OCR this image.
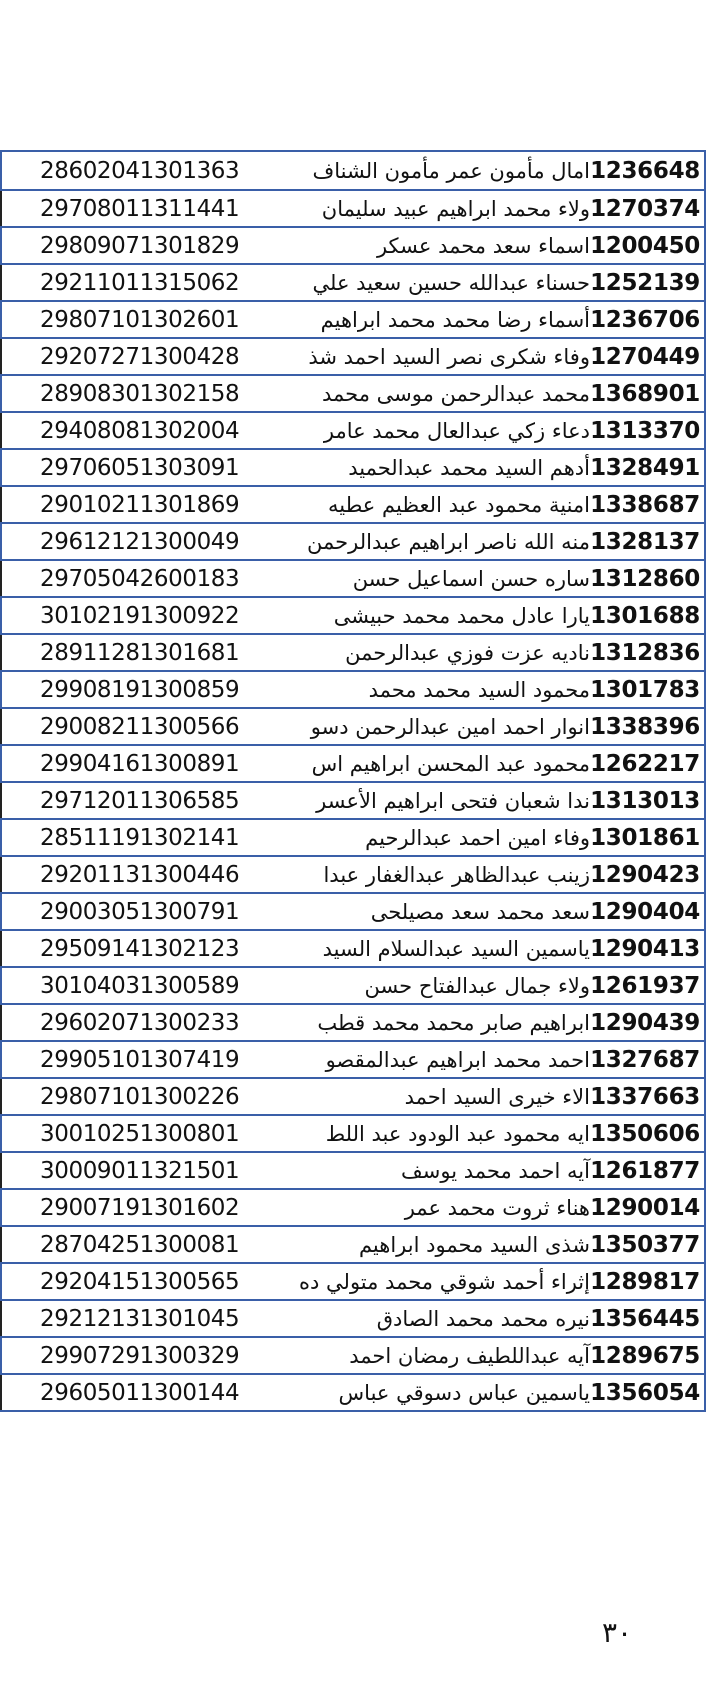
28602041301363	امال مأمون عمر مأمون الشناف 1236648
29708011311441	ولاء محمد ابراهيم عبيد سليمان 1270374
29809071301829	اسماء سعد محمد عسكر 1200450
29211011315062	حسناء عبدالله حسين سعيد علي 1252139
29807101302601	أسماء رضا محمد محمد ابراهيم 1236706
29207271300428	وفاء شكرى نصر السيد احمد شذ 1270449
28908301302158	محمد عبدالرحمن موسى محمد 1368901
29408081302004	دعاء زكي عبدالعال محمد عامر 1313370
29706051303091	أدهم السيد محمد عبدالحميد 1328491
29010211301869	امنية محمود عبد العظيم عطيه 1338687
29612121300049	منه الله ناصر ابراهيم عبدالرحمن 1328137
29705042600183	ساره حسن اسماعيل حسن 1312860
30102191300922	يارا عادل محمد محمد حبيشى 1301688
28911281301681	ناديه عزت فوزي عبدالرحمن 1312836
29908191300859	محمود السيد محمد محمد 1301783
29008211300566	انوار احمد امين عبدالرحمن دسو 1338396
29904161300891	محمود عبد المحسن ابراهيم اس 1262217
29712011306585	ندا شعبان فتحى ابراهيم الأعسر 1313013
28511191302141	وفاء امين احمد عبدالرحيم 1301861
29201131300446	زينب عبدالظاهر عبدالغفار عبدا 1290423
29003051300791	سعد محمد سعد مصيلحى 1290404
29509141302123	ياسمين السيد عبدالسلام السيد 1290413
30104031300589	ولاء جمال عبدالفتاح حسن 1261937
29602071300233	ابراهيم صابر محمد محمد قطب 1290439
29905101307419	احمد محمد ابراهيم عبدالمقصو 1327687
29807101300226	الاء خيرى السيد احمد 1337663
30010251300801	ايه محمود عبد الودود عبد اللط 1350606
30009011321501	آيه احمد محمد يوسف 1261877
29007191301602	هناء ثروت محمد عمر 1290014
28704251300081	شذى السيد محمود ابراهيم 1350377
29204151300565	إثراء أحمد شوقي محمد متولي ده 1289817
29212131301045	نيره محمد محمد الصادق 1356445
29907291300329	آيه عبداللطيف رمضان احمد 1289675
29605011300144	ياسمين عباس دسوقي عباس 1356054
٣٠
